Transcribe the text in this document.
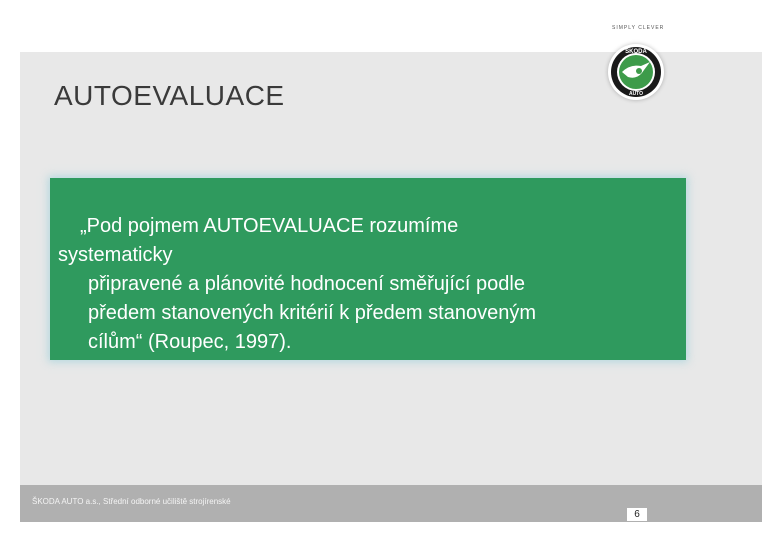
SIMPLY CLEVER
ŠKODA
AUTO
AUTOEVALUACE
„Pod pojmem AUTOEVALUACE rozumíme
systematicky
připravené a plánovité hodnocení směřující podle
předem stanovených kritérií k předem stanoveným
cílům“ (Roupec, 1997).
ŠKODA AUTO a.s., Střední odborné učiliště strojírenské
6
